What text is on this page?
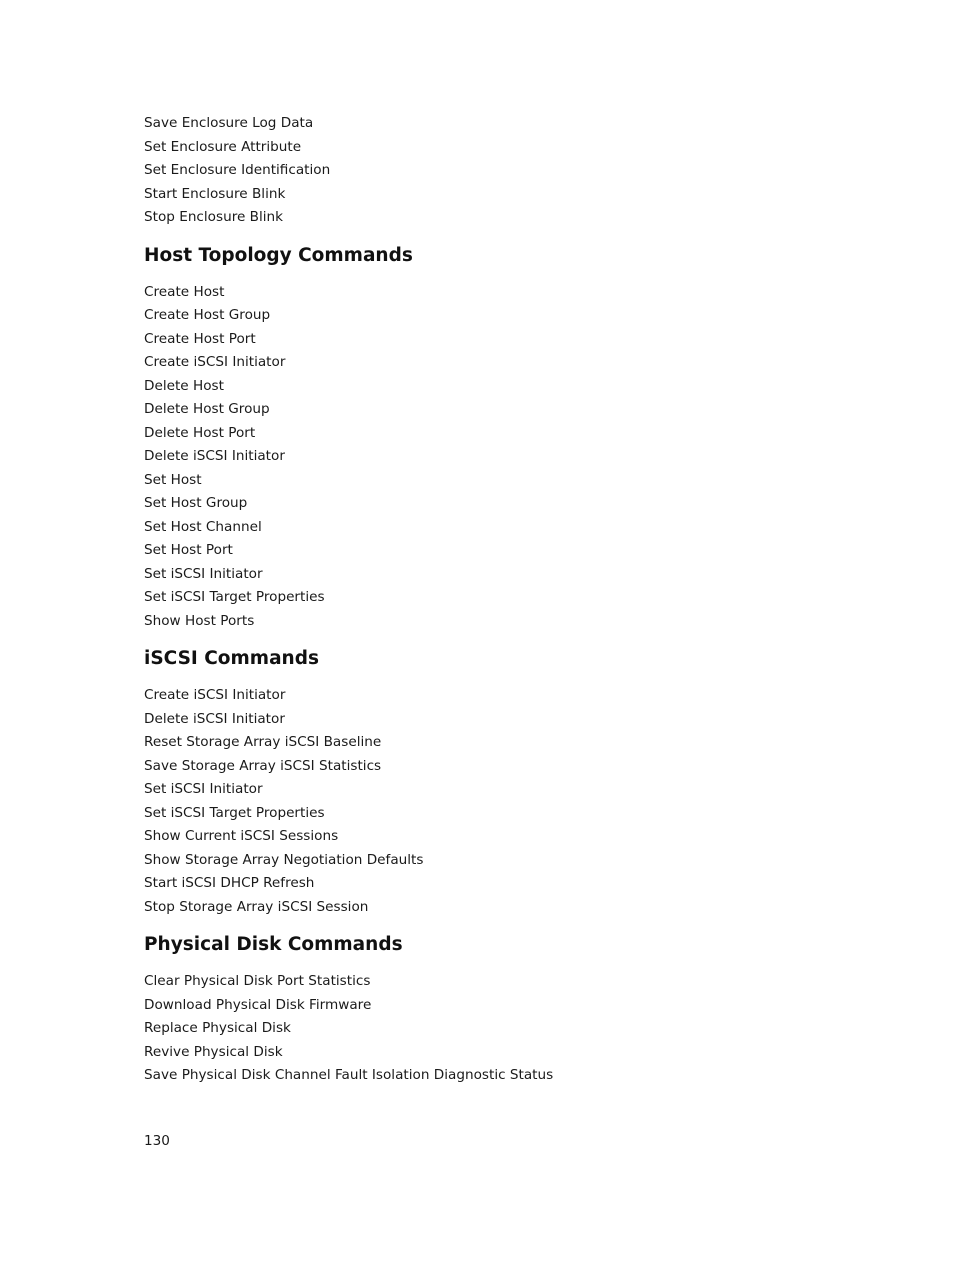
Save Enclosure Log Data
Set Enclosure Attribute
Set Enclosure Identification
Start Enclosure Blink
Stop Enclosure Blink
Host Topology Commands
Create Host
Create Host Group
Create Host Port
Create iSCSI Initiator
Delete Host
Delete Host Group
Delete Host Port
Delete iSCSI Initiator
Set Host
Set Host Group
Set Host Channel
Set Host Port
Set iSCSI Initiator
Set iSCSI Target Properties
Show Host Ports
iSCSI Commands
Create iSCSI Initiator
Delete iSCSI Initiator
Reset Storage Array iSCSI Baseline
Save Storage Array iSCSI Statistics
Set iSCSI Initiator
Set iSCSI Target Properties
Show Current iSCSI Sessions
Show Storage Array Negotiation Defaults
Start iSCSI DHCP Refresh
Stop Storage Array iSCSI Session
Physical Disk Commands
Clear Physical Disk Port Statistics
Download Physical Disk Firmware
Replace Physical Disk
Revive Physical Disk
Save Physical Disk Channel Fault Isolation Diagnostic Status
130
